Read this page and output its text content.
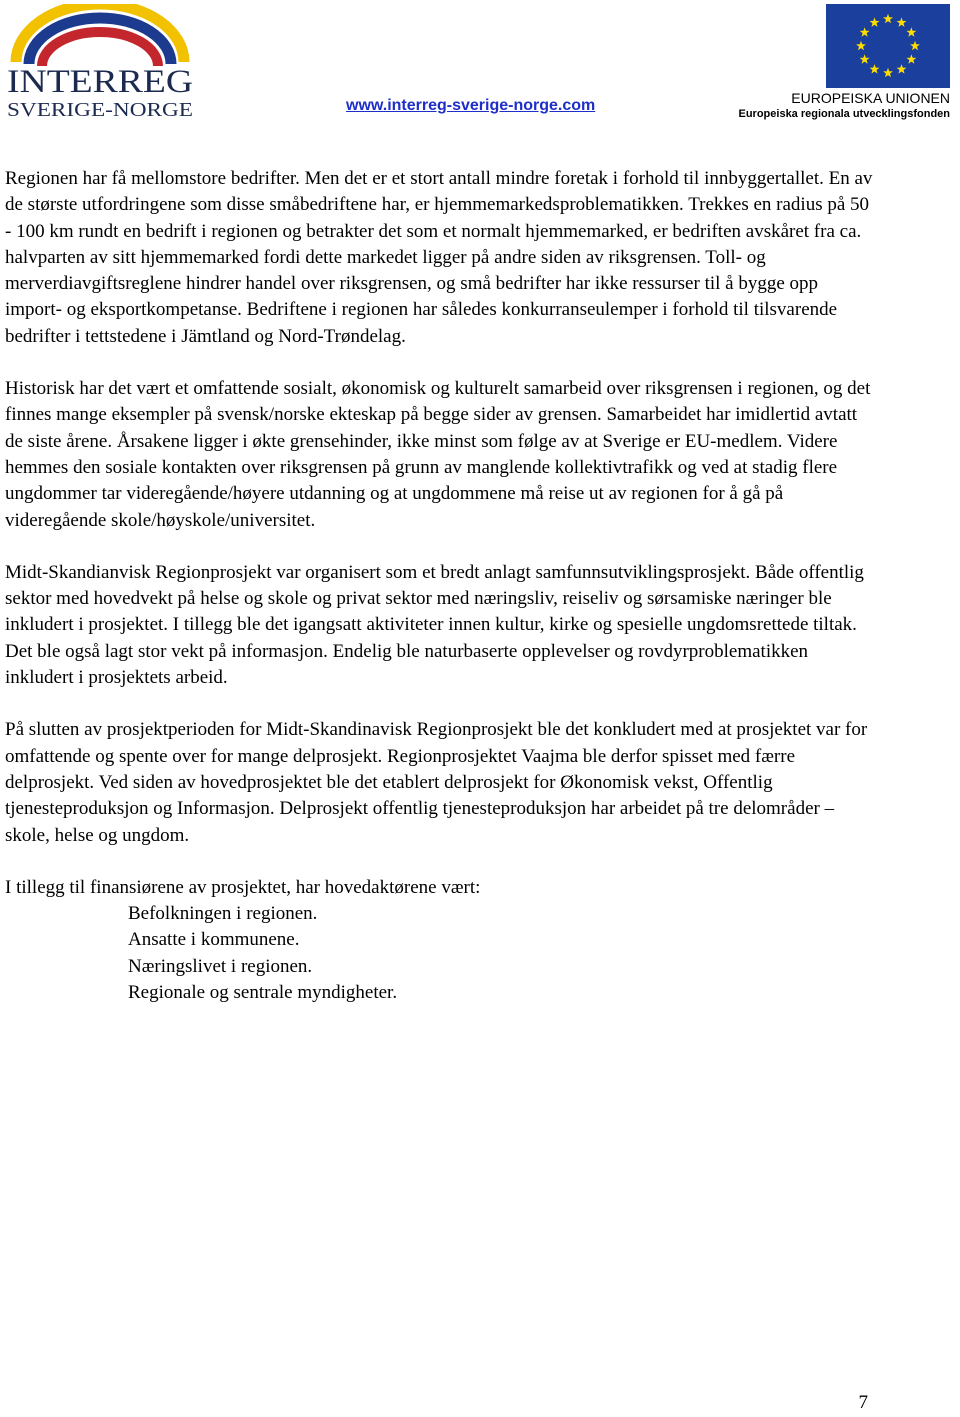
INTERREG
SVERIGE-NORGE	www.interreg-sverige-norge.com	EUROPEISKA UNIONEN
Europeiska regionala utvecklingsfonden

Regionen har få mellomstore bedrifter. Men det er et stort antall mindre foretak i forhold til innbyggertallet. En av de største utfordringene som disse småbedriftene har, er hjemmemarkedsproblematikken. Trekkes en radius på 50 - 100 km rundt en bedrift i regionen og betrakter det som et normalt hjemmemarked, er bedriften avskåret fra ca. halvparten av sitt hjemmemarked fordi dette markedet ligger på andre siden av riksgrensen. Toll- og merverdiavgiftsreglene hindrer handel over riksgrensen, og små bedrifter har ikke ressurser til å bygge opp import- og eksportkompetanse. Bedriftene i regionen har således konkurranseulemper i forhold til tilsvarende bedrifter i tettstedene i Jämtland og Nord-Trøndelag.

Historisk har det vært et omfattende sosialt, økonomisk og kulturelt samarbeid over riksgrensen i regionen, og det finnes mange eksempler på svensk/norske ekteskap på begge sider av grensen. Samarbeidet har imidlertid avtatt de siste årene. Årsakene ligger i økte grensehinder, ikke minst som følge av at Sverige er EU-medlem. Videre hemmes den sosiale kontakten over riksgrensen på grunn av manglende kollektivtrafikk og ved at stadig flere ungdommer tar videregående/høyere utdanning og at ungdommene må reise ut av regionen for å gå på videregående skole/høyskole/universitet.

Midt-Skandianvisk Regionprosjekt var organisert som et bredt anlagt samfunnsutviklingsprosjekt. Både offentlig sektor med hovedvekt på helse og skole og privat sektor med næringsliv, reiseliv og sørsamiske næringer ble inkludert i prosjektet. I tillegg ble det igangsatt aktiviteter innen kultur, kirke og spesielle ungdomsrettede tiltak. Det ble også lagt stor vekt på informasjon. Endelig ble naturbaserte opplevelser og rovdyrproblematikken inkludert i prosjektets arbeid.

På slutten av prosjektperioden for Midt-Skandinavisk Regionprosjekt ble det konkludert med at prosjektet var for omfattende og spente over for mange delprosjekt. Regionprosjektet Vaajma ble derfor spisset med færre delprosjekt. Ved siden av hovedprosjektet ble det etablert delprosjekt for Økonomisk vekst, Offentlig tjenesteproduksjon og Informasjon. Delprosjekt offentlig tjenesteproduksjon har arbeidet på tre delområder – skole, helse og ungdom.

I tillegg til finansiørene av prosjektet, har hovedaktørene vært:
Befolkningen i regionen.
Ansatte i kommunene.
Næringslivet i regionen.
Regionale og sentrale myndigheter.
7
